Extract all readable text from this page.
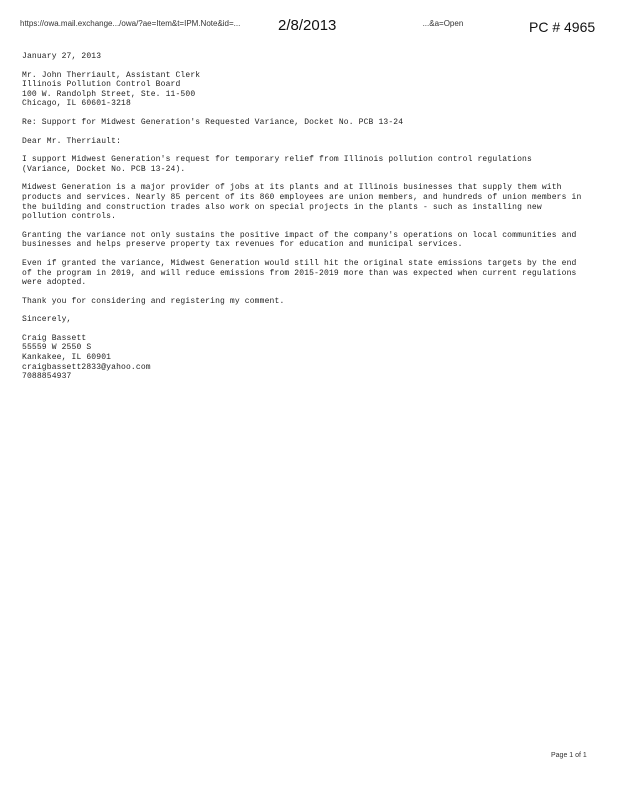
https://owa.mail.exchange.../owa/?ae=Item&t=IPM.Note&id=...	...&a=Open
2/8/2013	PC # 4965

January 27, 2013

Mr. John Therriault, Assistant Clerk

Illinois Pollution Control Board

100 W. Randolph Street, Ste. 11-500

Chicago, IL 60601-3218

Re: Support for Midwest Generation's Requested Variance, Docket No. PCB 13-24

Dear Mr. Therriault:

I support Midwest Generation's request for temporary relief from Illinois pollution control regulations (Variance, Docket No. PCB 13-24).

Midwest Generation is a major provider of jobs at its plants and at Illinois businesses that supply them with products and services. Nearly 85 percent of its 860 employees are union members, and hundreds of union members in the building and construction trades also work on special projects in the plants - such as installing new pollution controls.

Granting the variance not only sustains the positive impact of the company's operations on local communities and businesses and helps preserve property tax revenues for education and municipal services.

Even if granted the variance, Midwest Generation would still hit the original state emissions targets by the end of the program in 2019, and will reduce emissions from 2015-2019 more than was expected when current regulations were adopted.

Thank you for considering and registering my comment.

Sincerely,

Craig Bassett

55559 W 2550 S

Kankakee, IL 60901

craigbassett2833@yahoo.com

7088854937

Page 1 of 1
